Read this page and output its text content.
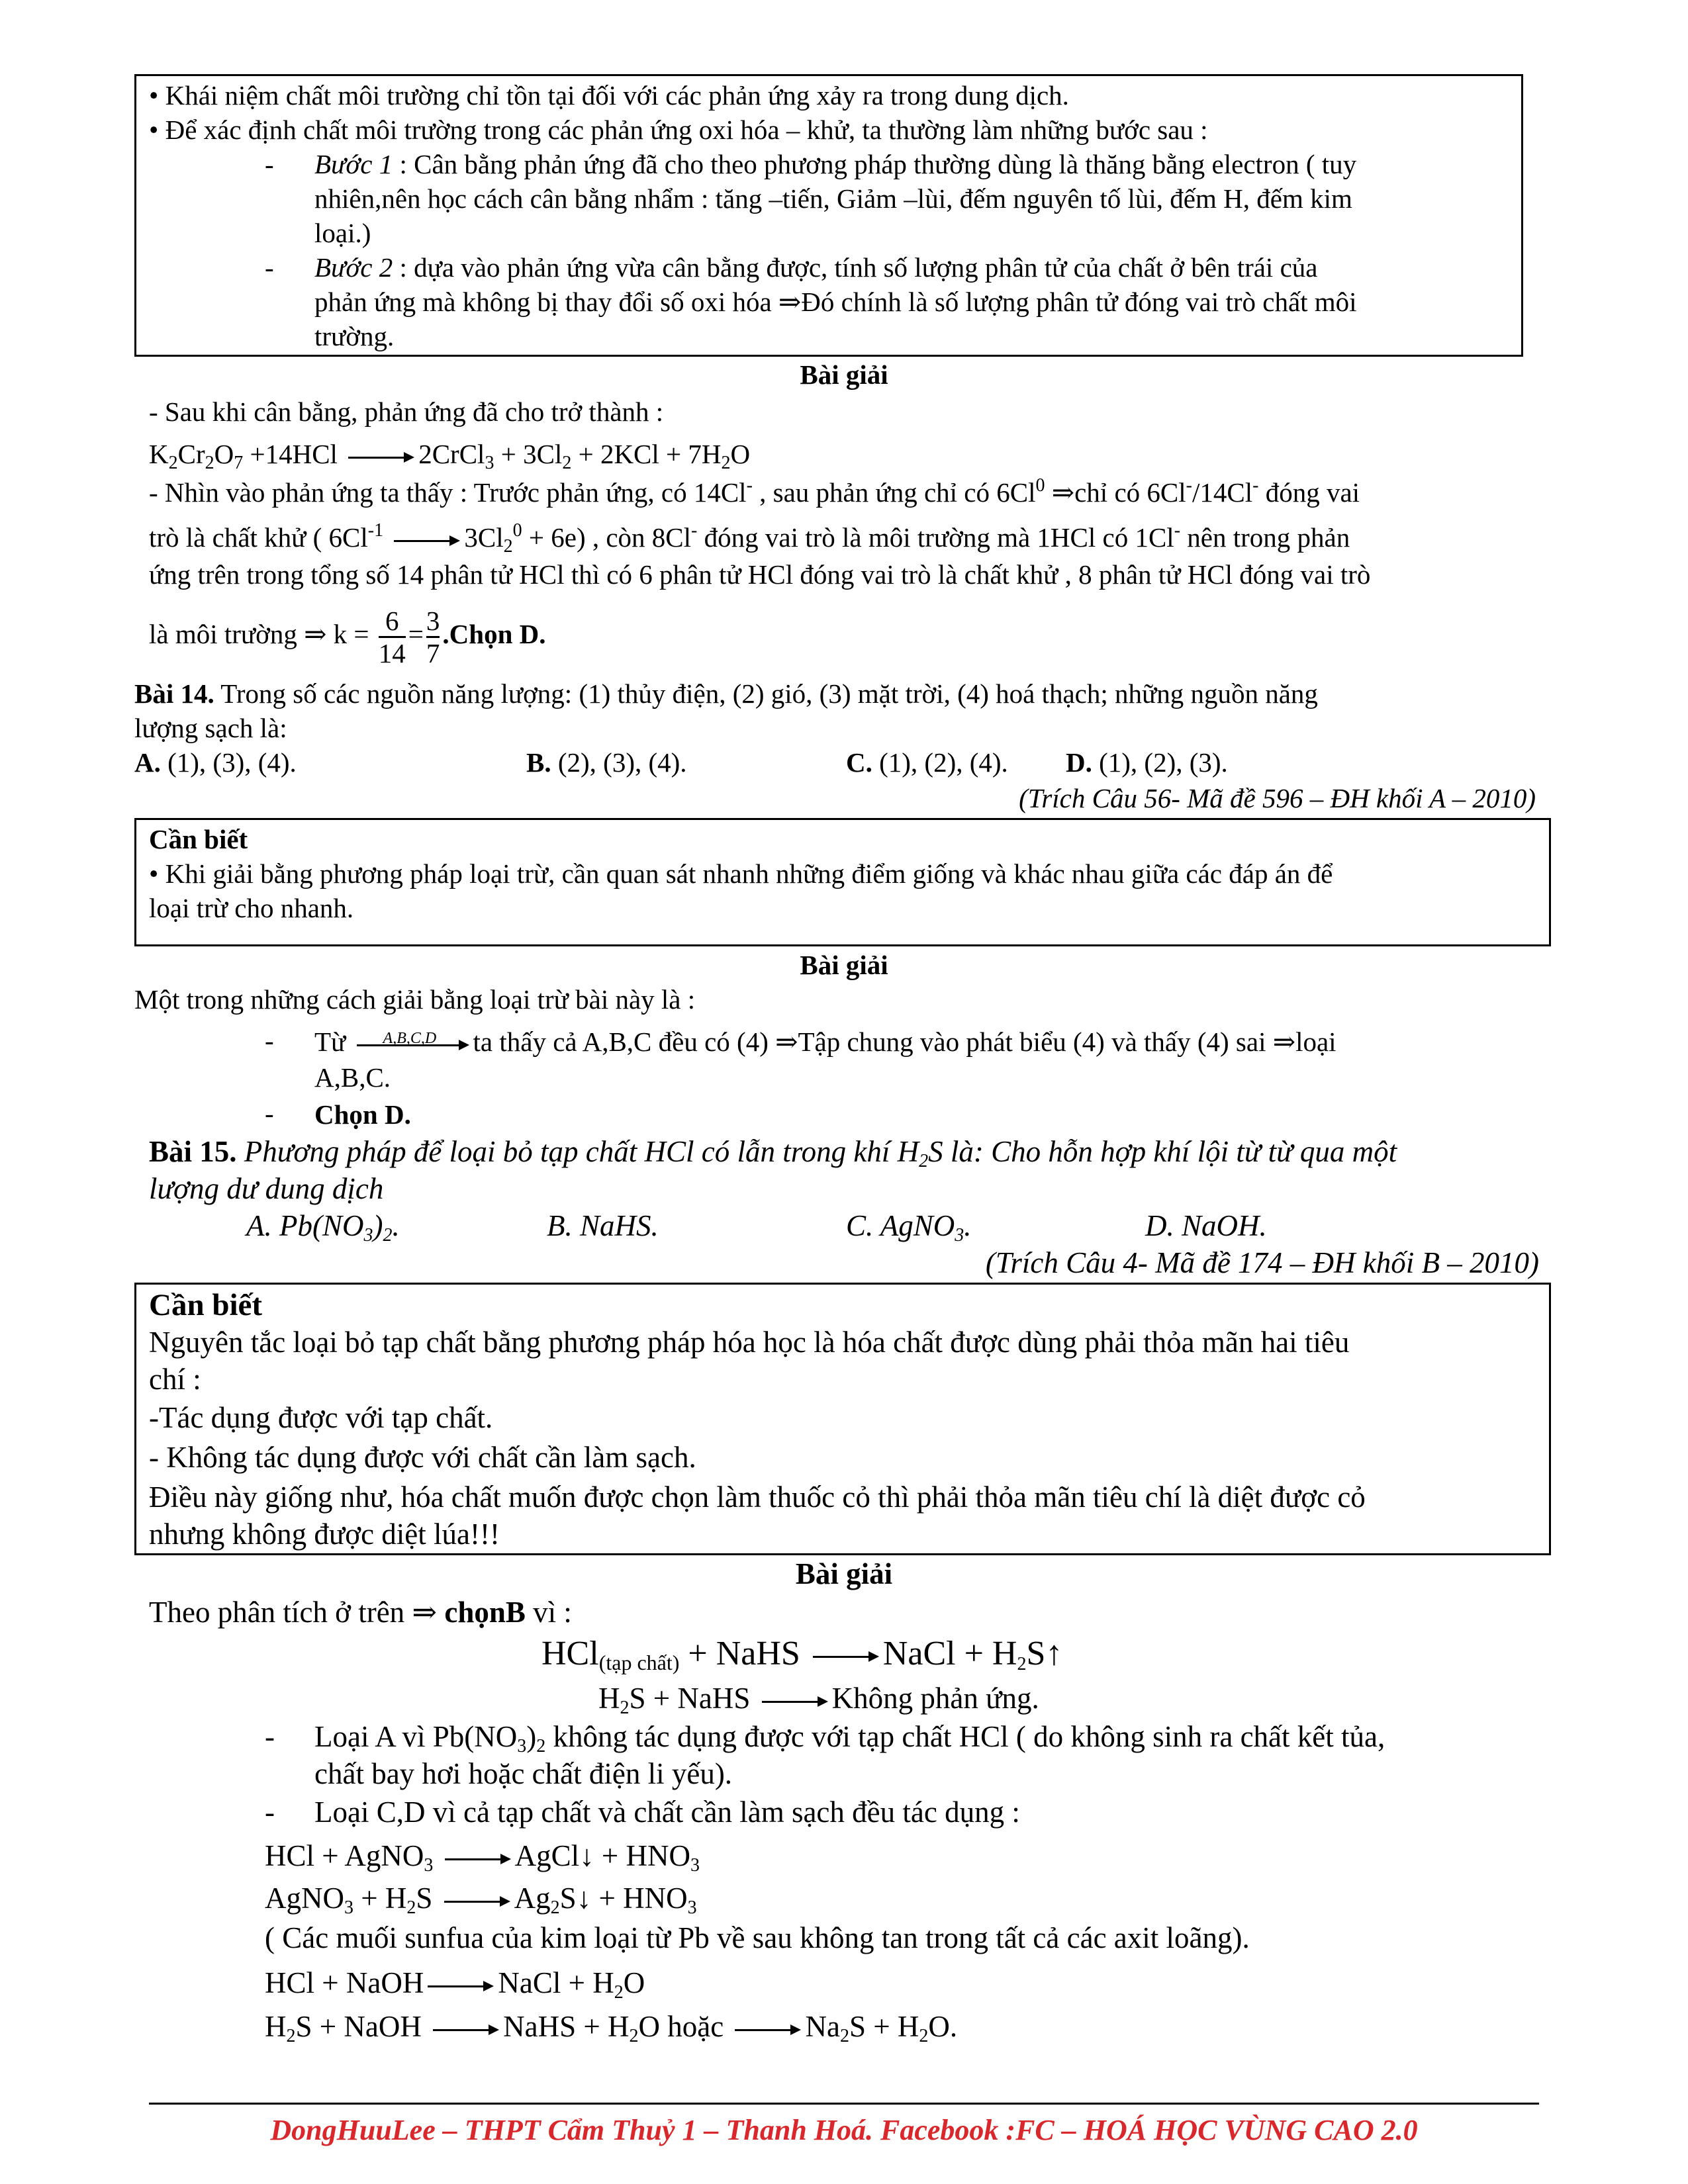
• Khái niệm chất môi trường chỉ tồn tại đối với các phản ứng xảy ra trong dung dịch.
• Để xác định chất môi trường trong các phản ứng oxi hóa – khử, ta thường làm những bước sau :
- Bước 1 : Cân bằng phản ứng đã cho theo phương pháp thường dùng là thăng bằng electron ( tuy
nhiên,nên học cách cân bằng nhẩm : tăng –tiến, Giảm –lùi, đếm nguyên tố lùi, đếm H, đếm kim
loại.)
- Bước 2 : dựa vào phản ứng vừa cân bằng được, tính số lượng phân tử của chất ở bên trái của
phản ứng mà không bị thay đổi số oxi hóa ⇒Đó chính là số lượng phân tử đóng vai trò chất môi
trường.
Bài giải
- Sau khi cân bằng, phản ứng đã cho trở thành :
$K_2Cr_2O_7 +14HCl$	2CrCl$_3$ + $3Cl_2 + 2KCl + 7H_2O$
- Nhìn vào phản ứng ta thấy : Trước phản ứng, có 14Cl- , sau phản ứng chỉ có 6Cl$^0$ ⇒chỉ có 6Cl-/14Cl- đóng vai
trò là chất khử ( $6Cl^{-1}$	$3Cl_2^0 + 6e$) , còn 8Cl- đóng vai trò là môi trường mà 1HCl có 1Cl- nên trong phản
ứng trên trong tổng số 14 phân tử HCl thì có 6 phân tử HCl đóng vai trò là chất khử , 8 phân tử HCl đóng vai trò
là môi trường ⇒ $k = \frac{6}{14} = \frac{3}{7}$ .Chọn D.
Bài 14. Trong số các nguồn năng lượng: (1) thủy điện, (2) gió, (3) mặt trời, (4) hoá thạch; những nguồn năng
lượng sạch là:
A. (1), (3), (4).	B. (2), (3), (4).	C. (1), (2), (4). D. (1), (2), (3).
(Trích Câu 56- Mã đề 596 – ĐH khối A – 2010)
Cần biết
• Khi giải bằng phương pháp loại trừ, cần quan sát nhanh những điểm giống và khác nhau giữa các đáp án để
loại trừ cho nhanh.
Bài giải
Một trong những cách giải bằng loại trừ bài này là :
- Từ A,B,C,D ta thấy cả A,B,C đều có (4) ⇒Tập chung vào phát biểu (4) và thấy (4) sai ⇒loại
A,B,C.
- Chọn D.
Bài 15. Phương pháp để loại bỏ tạp chất HCl có lẫn trong khí $H_2S$ là: Cho hỗn hợp khí lội từ từ qua một
lượng dư dung dịch
A. $Pb(NO_3)_2$.	B. NaHS.	C. AgNO$_3$.	D. NaOH.
(Trích Câu 4- Mã đề 174 – ĐH khối B – 2010)
Cần biết
Nguyên tắc loại bỏ tạp chất bằng phương pháp hóa học là hóa chất được dùng phải thỏa mãn hai tiêu
chí :
-Tác dụng được với tạp chất.
- Không tác dụng được với chất cần làm sạch.
Điều này giống như, hóa chất muốn được chọn làm thuốc cỏ thì phải thỏa mãn tiêu chí là diệt được cỏ
nhưng không được diệt lúa!!!
Bài giải
Theo phân tích ở trên ⇒ chọnB vì :
HCl$_{(tạp chất)}$ + NaHS NaCl + $H_2S↑$
$H_2S$ + NaHS Không phản ứng.
- Loại A vì $Pb(NO_3)_2$ không tác dụng được với tạp chất HCl ( do không sinh ra chất kết tủa,
chất bay hơi hoặc chất điện li yếu).
- Loại C,D vì cả tạp chất và chất cần làm sạch đều tác dụng :
HCl + AgNO$_3$	AgCl↓ + $HNO_3$
AgNO$_3$ + $H_2S$ $Ag_2S↓ + HNO_3$
( Các muối sunfua của kim loại từ Pb về sau không tan trong tất cả các axit loãng).
HCl + NaOH NaCl + $H_2O$
$H_2S$ + NaOH NaHS + $H_2O$ hoặc $Na_2S + H_2O$.
DongHuuLee – THPT Cẩm Thuỷ 1 – Thanh Hoá. Facebook :FC – HOÁ HỌC VÙNG CAO 2.0
